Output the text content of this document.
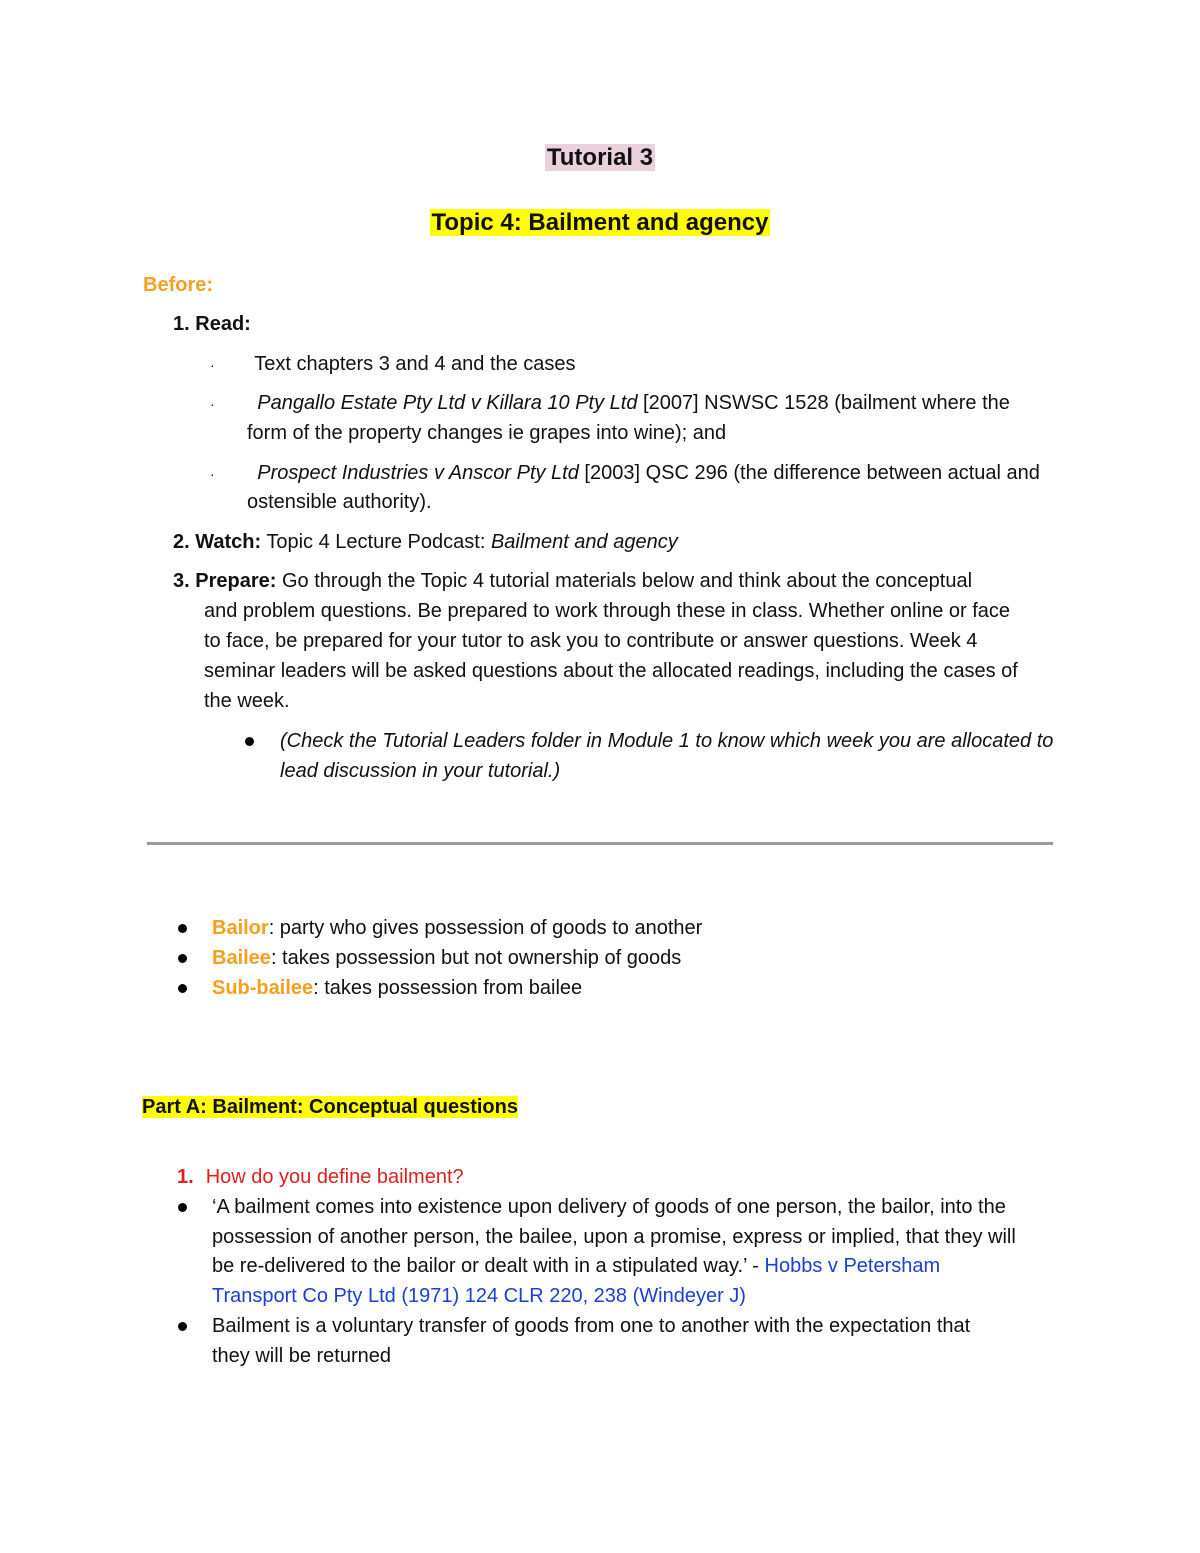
Tutorial 3
Topic 4: Bailment and agency
Before:
1. Read:
· Text chapters 3 and 4 and the cases
· Pangallo Estate Pty Ltd v Killara 10 Pty Ltd [2007] NSWSC 1528 (bailment where the
form of the property changes ie grapes into wine); and
· Prospect Industries v Anscor Pty Ltd [2003] QSC 296 (the difference between actual and
ostensible authority).
2. Watch: Topic 4 Lecture Podcast: Bailment and agency
3. Prepare: Go through the Topic 4 tutorial materials below and think about the conceptual
and problem questions. Be prepared to work through these in class. Whether online or face
to face, be prepared for your tutor to ask you to contribute or answer questions. Week 4
seminar leaders will be asked questions about the allocated readings, including the cases of
the week.
(Check the Tutorial Leaders folder in Module 1 to know which week you are allocated to
lead discussion in your tutorial.)
Bailor: party who gives possession of goods to another
Bailee: takes possession but not ownership of goods
Sub-bailee: takes possession from bailee
Part A: Bailment: Conceptual questions
1. How do you define bailment?
‘A bailment comes into existence upon delivery of goods of one person, the bailor, into the
possession of another person, the bailee, upon a promise, express or implied, that they will
be re-delivered to the bailor or dealt with in a stipulated way.’ - Hobbs v Petersham
Transport Co Pty Ltd (1971) 124 CLR 220, 238 (Windeyer J)
Bailment is a voluntary transfer of goods from one to another with the expectation that
they will be returned
